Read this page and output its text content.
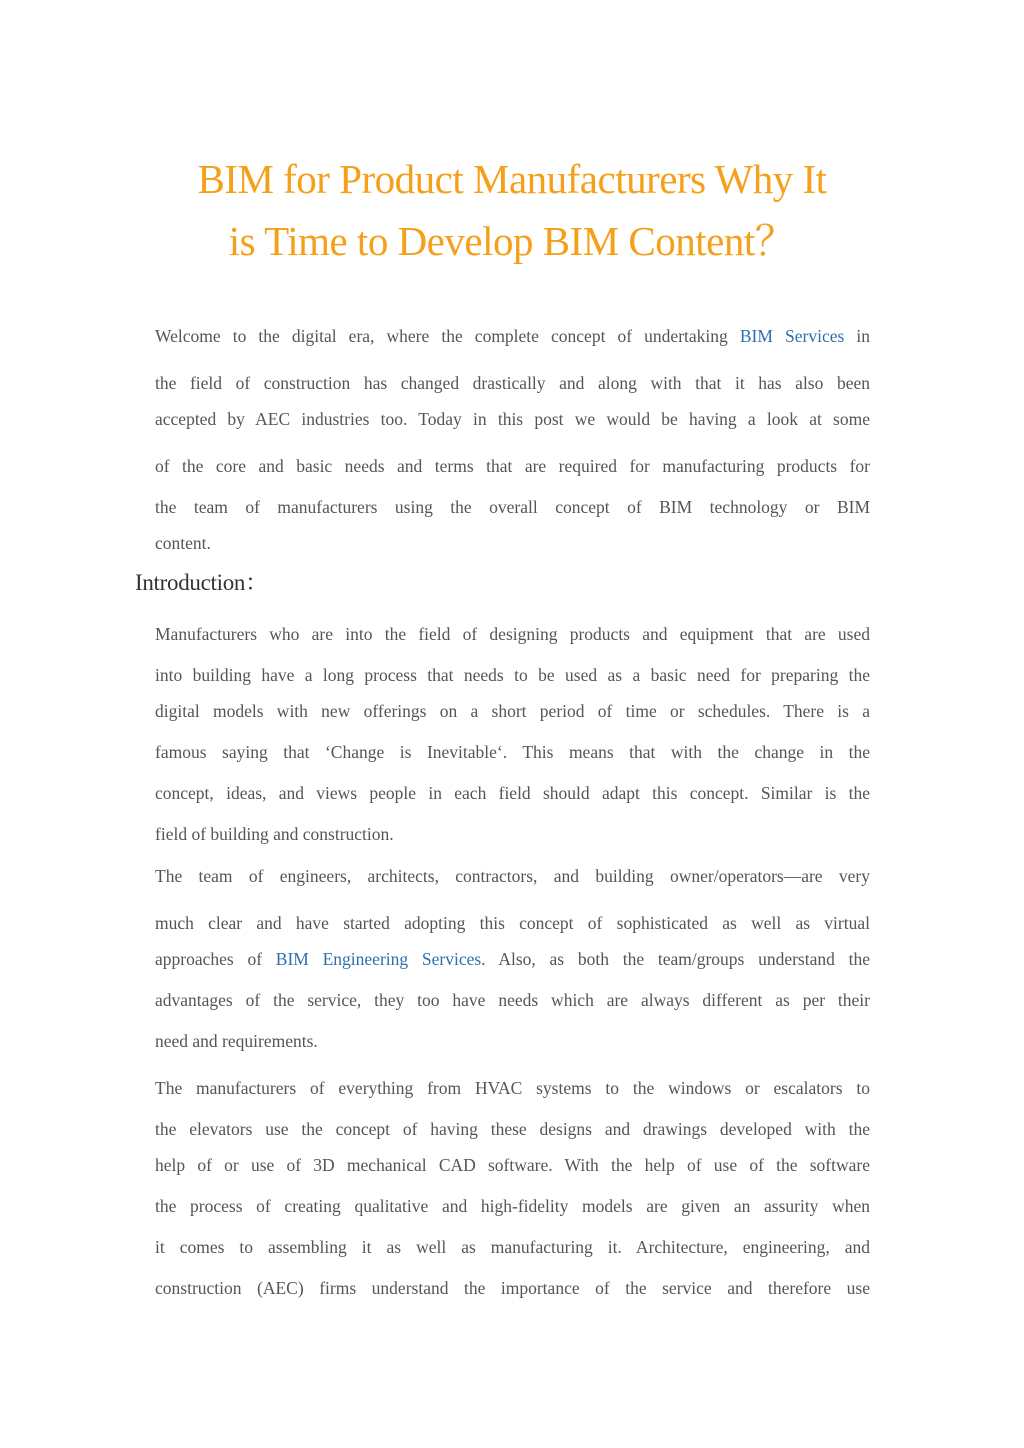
BIM for Product Manufacturers Why It
is Time to Develop BIM Content？
Welcome to the digital era, where the complete concept of undertaking BIM Services in
the field of construction has changed drastically and along with that it has also been
accepted by AEC industries too. Today in this post we would be having a look at some
of the core and basic needs and terms that are required for manufacturing products for
the team of manufacturers using the overall concept of BIM technology or BIM
content.
Introduction：
Manufacturers who are into the field of designing products and equipment that are used
into building have a long process that needs to be used as a basic need for preparing the
digital models with new offerings on a short period of time or schedules. There is a
famous saying that ‘Change is Inevitable‘. This means that with the change in the
concept, ideas, and views people in each field should adapt this concept. Similar is the
field of building and construction.
The team of engineers, architects, contractors, and building owner/operators—are very
much clear and have started adopting this concept of sophisticated as well as virtual
approaches of BIM Engineering Services. Also, as both the team/groups understand the
advantages of the service, they too have needs which are always different as per their
need and requirements.
The manufacturers of everything from HVAC systems to the windows or escalators to
the elevators use the concept of having these designs and drawings developed with the
help of or use of 3D mechanical CAD software. With the help of use of the software
the process of creating qualitative and high-fidelity models are given an assurity when
it comes to assembling it as well as manufacturing it. Architecture, engineering, and
construction (AEC) firms understand the importance of the service and therefore use
